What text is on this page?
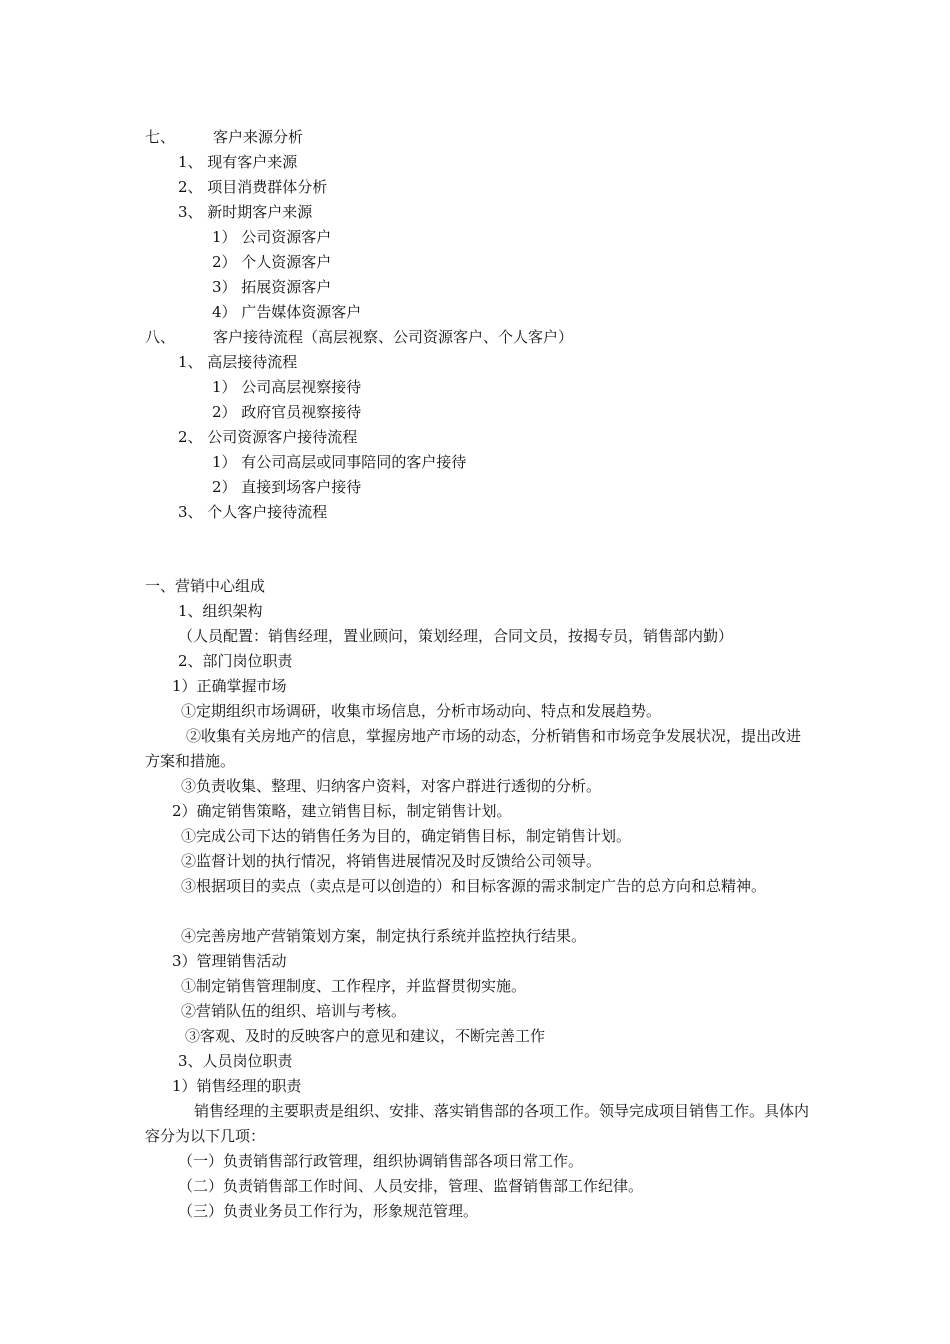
七、	客户来源分析
1、 现有客户来源
2、 项目消费群体分析
3、 新时期客户来源
1） 公司资源客户
2） 个人资源客户
3） 拓展资源客户
4） 广告媒体资源客户
八、	客户接待流程（高层视察、公司资源客户、个人客户）
1、 高层接待流程
1） 公司高层视察接待
2） 政府官员视察接待
2、 公司资源客户接待流程
1） 有公司高层或同事陪同的客户接待
2） 直接到场客户接待
3、 个人客户接待流程
一、营销中心组成
1、组织架构
（人员配置：销售经理，置业顾问，策划经理，合同文员，按揭专员，销售部内勤）
2、部门岗位职责
1）正确掌握市场
①定期组织市场调研，收集市场信息，分析市场动向、特点和发展趋势。
②收集有关房地产的信息，掌握房地产市场的动态，分析销售和市场竞争发展状况，提出改进方案和措施。
③负责收集、整理、归纳客户资料，对客户群进行透彻的分析。
2）确定销售策略，建立销售目标，制定销售计划。
①完成公司下达的销售任务为目的，确定销售目标，制定销售计划。
②监督计划的执行情况，将销售进展情况及时反馈给公司领导。
③根据项目的卖点（卖点是可以创造的）和目标客源的需求制定广告的总方向和总精神。
④完善房地产营销策划方案，制定执行系统并监控执行结果。
3）管理销售活动
①制定销售管理制度、工作程序，并监督贯彻实施。
②营销队伍的组织、培训与考核。
③客观、及时的反映客户的意见和建议，不断完善工作
3、人员岗位职责
1）销售经理的职责
销售经理的主要职责是组织、安排、落实销售部的各项工作。领导完成项目销售工作。具体内容分为以下几项：
（一）负责销售部行政管理，组织协调销售部各项日常工作。
（二）负责销售部工作时间、人员安排，管理、监督销售部工作纪律。
（三）负责业务员工作行为，形象规范管理。
